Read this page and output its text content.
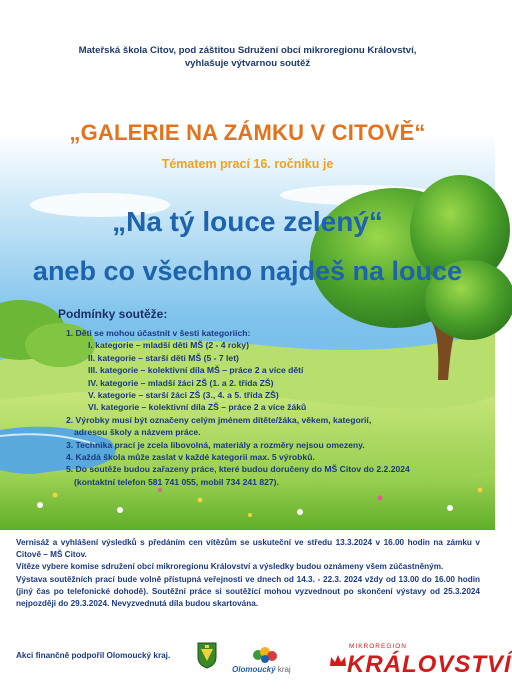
Mateřská škola Citov, pod záštitou Sdružení obcí mikroregionu Království,
vyhlašuje výtvarnou soutěž
„GALERIE NA ZÁMKU V CITOVĚ“
Tématem prací 16. ročníku je
„Na tý louce zelený“
aneb co všechno najdeš na louce
Podmínky soutěže:

1. Děti se mohou účastnit v šesti kategoriích:

I. kategorie – mladší děti MŠ (2 - 4 roky)

II. kategorie – starší děti MŠ (5 - 7 let)

III. kategorie – kolektivní díla MŠ – práce 2 a více dětí

IV. kategorie – mladší žáci ZŠ (1. a 2. třída ZŠ)

V. kategorie – starší žáci ZŠ (3., 4. a 5. třída ZŠ)

VI. kategorie – kolektivní díla ZŠ – práce 2 a více žáků

2. Výrobky musí být označeny celým jménem dítěte/žáka, věkem, kategorií,

adresou školy a názvem práce.

3. Technika prací je zcela libovolná, materiály a rozměry nejsou omezeny.

4. Každá škola může zaslat v každé kategorii max. 5 výrobků.

5. Do soutěže budou zařazeny práce, které budou doručeny do MŠ Citov do 2.2.2024

(kontaktní telefon 581 741 055, mobil 734 241 827).

Vernisáž a vyhlášení výsledků s předáním cen vítězům se uskuteční ve středu 13.3.2024 v 16.00 hodin na zámku v Citově – MŠ Citov.

Vítěze vybere komise sdružení obcí mikroregionu Království a výsledky budou oznámeny všem zúčastněným.

Výstava soutěžních prací bude volně přístupná veřejnosti ve dnech od 14.3. - 22.3. 2024 vždy od 13.00 do 16.00 hodin (jiný čas po telefonické dohodě). Soutěžní práce si soutěžící mohou vyzvednout po skončení výstavy od 25.3.2024 nejpozději do 29.3.2024. Nevyzvednutá díla budou skartována.

Akci finančně podpořil Olomoucký kraj.
Olomoucký kraj
MIKROREGION
KRÁLOVSTVÍ
